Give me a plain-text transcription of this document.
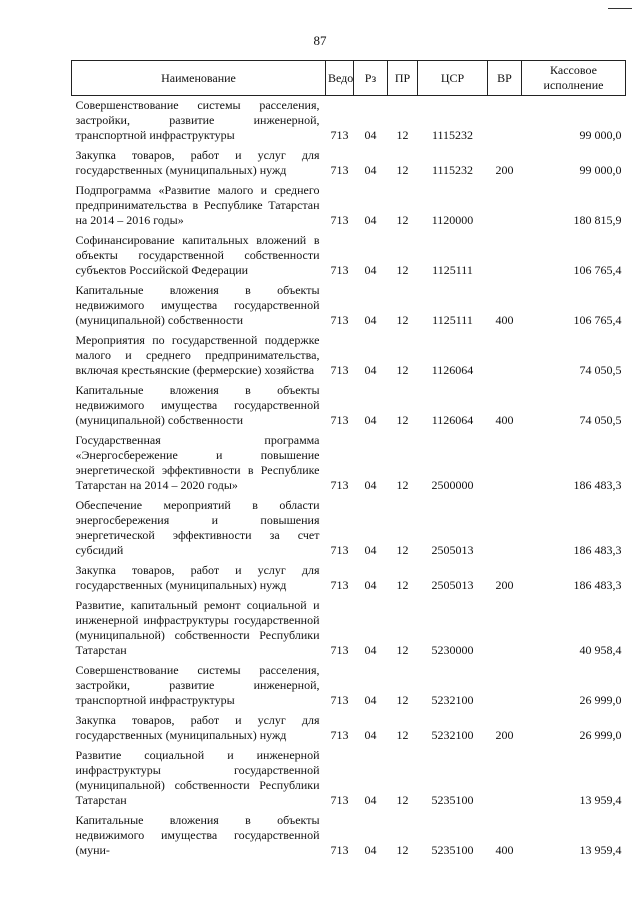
87
Наименование	Ведо	Рз	ПР	ЦСР	ВР	Кассовое исполнение
Совершенствование системы расселения, застройки, развитие инженерной, транспортной инфраструктуры	713	04	12	1115232		99 000,0
Закупка товаров, работ и услуг для государственных (муниципальных) нужд	713	04	12	1115232	200	99 000,0
Подпрограмма «Развитие малого и среднего предпринимательства в Республике Татарстан на 2014 – 2016 годы»	713	04	12	1120000		180 815,9
Софинансирование капитальных вложений в объекты государственной собственности субъектов Российской Федерации	713	04	12	1125111		106 765,4
Капитальные вложения в объекты недвижимого имущества государственной (муниципальной) собственности	713	04	12	1125111	400	106 765,4
Мероприятия по государственной поддержке малого и среднего предпринимательства, включая крестьянские (фермерские) хозяйства	713	04	12	1126064		74 050,5
Капитальные вложения в объекты недвижимого имущества государственной (муниципальной) собственности	713	04	12	1126064	400	74 050,5
Государственная программа «Энергосбережение и повышение энергетической эффективности в Республике Татарстан на 2014 – 2020 годы»	713	04	12	2500000		186 483,3
Обеспечение мероприятий в области энергосбережения и повышения энергетической эффективности за счет субсидий	713	04	12	2505013		186 483,3
Закупка товаров, работ и услуг для государственных (муниципальных) нужд	713	04	12	2505013	200	186 483,3
Развитие, капитальный ремонт социальной и инженерной инфраструктуры государственной (муниципальной) собственности Республики Татарстан	713	04	12	5230000		40 958,4
Совершенствование системы расселения, застройки, развитие инженерной, транспортной инфраструктуры	713	04	12	5232100		26 999,0
Закупка товаров, работ и услуг для государственных (муниципальных) нужд	713	04	12	5232100	200	26 999,0
Развитие социальной и инженерной инфраструктуры государственной (муниципальной) собственности Республики Татарстан	713	04	12	5235100		13 959,4
Капитальные вложения в объекты недвижимого имущества государственной (муни-	713	04	12	5235100	400	13 959,4
